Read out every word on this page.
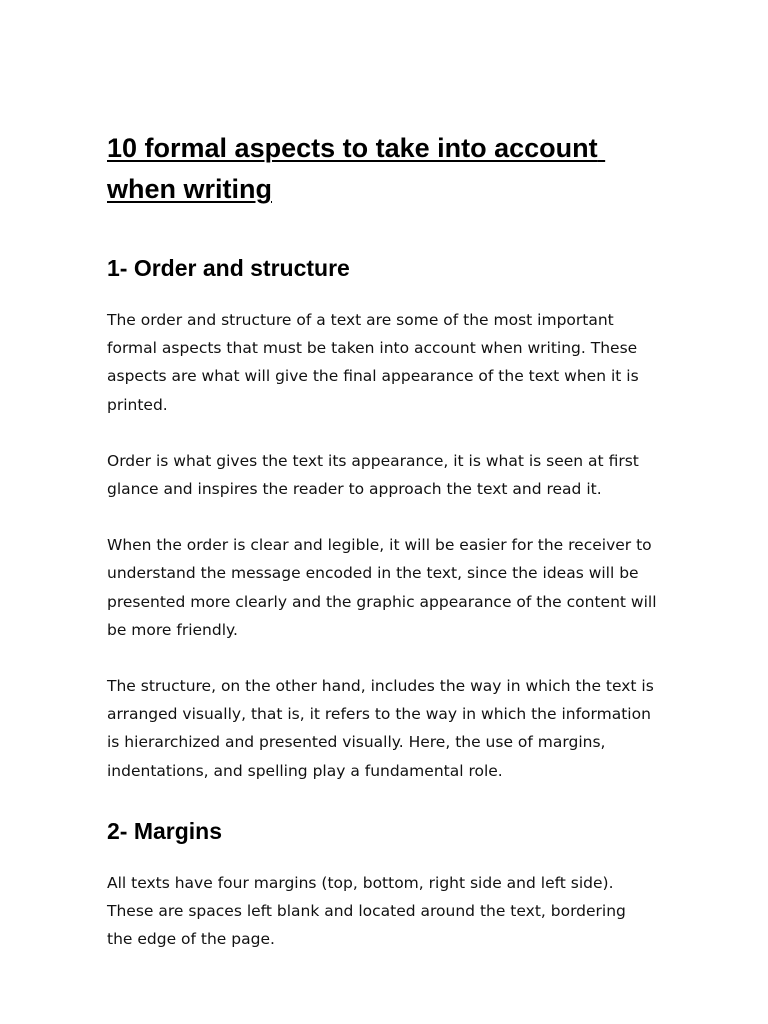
10 formal aspects to take into account when writing
1- Order and structure

The order and structure of a text are some of the most important formal aspects that must be taken into account when writing. These aspects are what will give the final appearance of the text when it is printed.

Order is what gives the text its appearance, it is what is seen at first glance and inspires the reader to approach the text and read it.

When the order is clear and legible, it will be easier for the receiver to understand the message encoded in the text, since the ideas will be presented more clearly and the graphic appearance of the content will be more friendly.

The structure, on the other hand, includes the way in which the text is arranged visually, that is, it refers to the way in which the information is hierarchized and presented visually. Here, the use of margins, indentations, and spelling play a fundamental role.

2- Margins

All texts have four margins (top, bottom, right side and left side). These are spaces left blank and located around the text, bordering the edge of the page.
